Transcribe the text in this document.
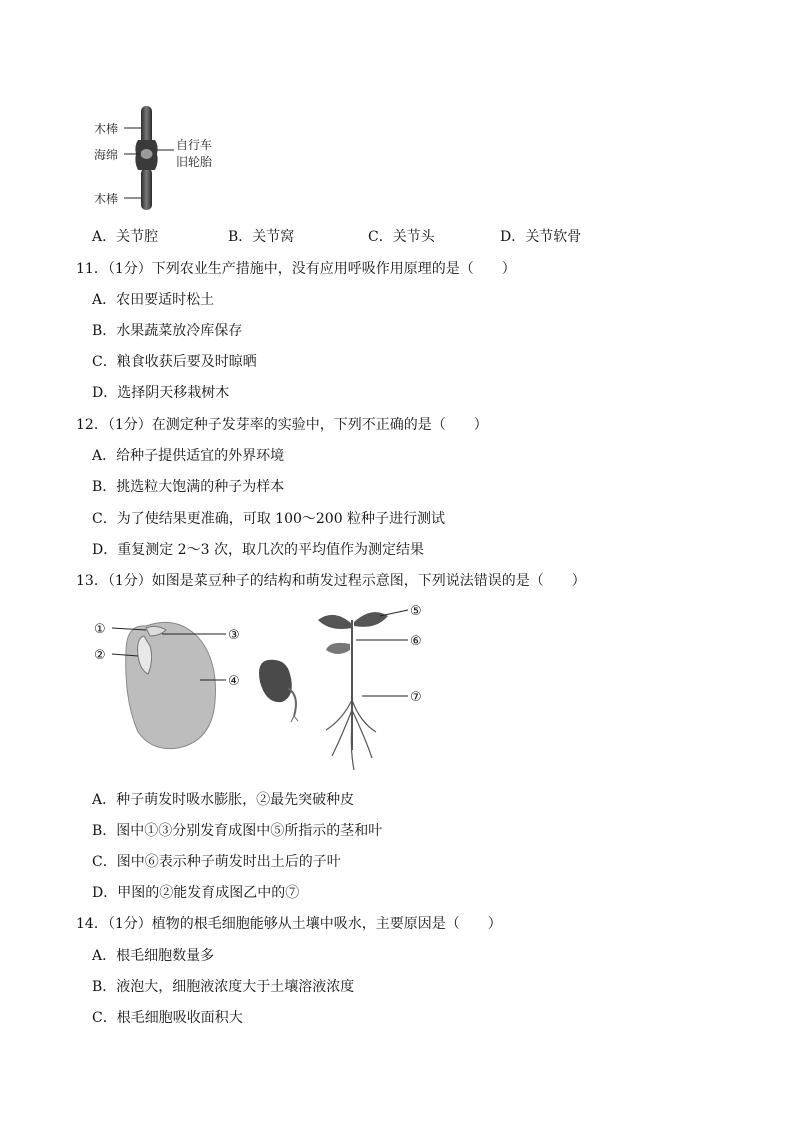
木棒
海绵
自行车
旧轮胎
木棒
A．关节腔	B．关节窝	C．关节头	D．关节软骨
11．（1分）下列农业生产措施中，没有应用呼吸作用原理的是（　　）
A．农田要适时松土
B．水果蔬菜放冷库保存
C．粮食收获后要及时晾晒
D．选择阴天移栽树木
12．（1分）在测定种子发芽率的实验中，下列不正确的是（　　）
A．给种子提供适宜的外界环境
B．挑选粒大饱满的种子为样本
C．为了使结果更准确，可取 100～200 粒种子进行测试
D．重复测定 2～3 次，取几次的平均值作为测定结果
13．（1分）如图是菜豆种子的结构和萌发过程示意图，下列说法错误的是（　　）
①
②
③
④
⑤
⑥
⑦
A．种子萌发时吸水膨胀，②最先突破种皮
B．图中①③分别发育成图中⑤所指示的茎和叶
C．图中⑥表示种子萌发时出土后的子叶
D．甲图的②能发育成图乙中的⑦
14．（1分）植物的根毛细胞能够从土壤中吸水，主要原因是（　　）
A．根毛细胞数量多
B．液泡大，细胞液浓度大于土壤溶液浓度
C．根毛细胞吸收面积大
